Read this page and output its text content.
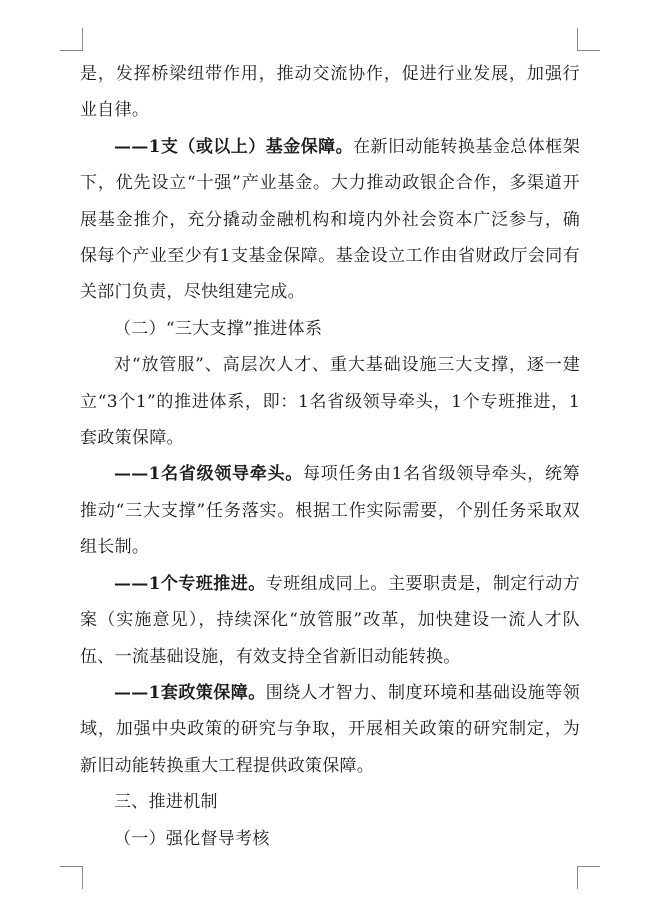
是，发挥桥梁纽带作用，推动交流协作，促进行业发展，加强行业自律。

——1支（或以上）基金保障。在新旧动能转换基金总体框架下，优先设立“十强”产业基金。大力推动政银企合作，多渠道开展基金推介，充分撬动金融机构和境内外社会资本广泛参与，确保每个产业至少有1支基金保障。基金设立工作由省财政厅会同有关部门负责，尽快组建完成。

（二）“三大支撑”推进体系

对“放管服”、高层次人才、重大基础设施三大支撑，逐一建立“3个1”的推进体系，即：1名省级领导牵头，1个专班推进，1套政策保障。

——1名省级领导牵头。每项任务由1名省级领导牵头，统筹推动“三大支撑”任务落实。根据工作实际需要，个别任务采取双组长制。

——1个专班推进。专班组成同上。主要职责是，制定行动方案（实施意见），持续深化“放管服”改革，加快建设一流人才队伍、一流基础设施，有效支持全省新旧动能转换。

——1套政策保障。围绕人才智力、制度环境和基础设施等领域，加强中央政策的研究与争取，开展相关政策的研究制定，为新旧动能转换重大工程提供政策保障。

三、推进机制

（一）强化督导考核
